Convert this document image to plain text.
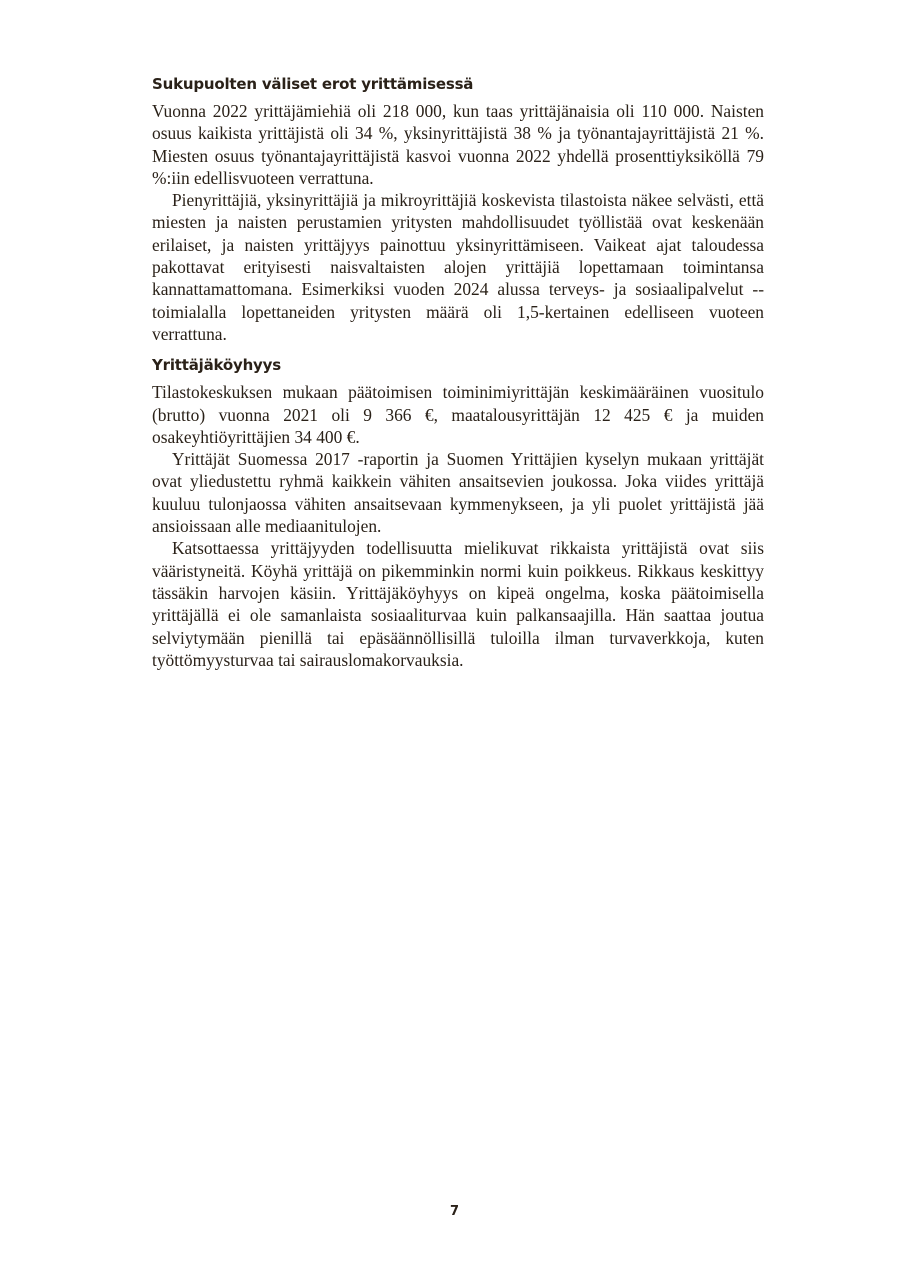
Sukupuolten väliset erot yrittämisessä

Vuonna 2022 yrittäjämiehiä oli 218 000, kun taas yrittäjänaisia oli 110 000. Naisten osuus kaikista yrittäjistä oli 34 %, yksinyrittäjistä 38 % ja työnantajayrittäjistä 21 %. Miesten osuus työnantajayrittäjistä kasvoi vuonna 2022 yhdellä prosenttiyksiköllä 79 %:iin edellisvuoteen verrattuna.

Pienyrittäjiä, yksinyrittäjiä ja mikroyrittäjiä koskevista tilastoista näkee selvästi, että miesten ja naisten perustamien yritysten mahdollisuudet työllistää ovat keskenään erilaiset, ja naisten yrittäjyys painottuu yksinyrittämiseen. Vaikeat ajat taloudessa pakottavat erityisesti naisvaltaisten alojen yrittäjiä lopettamaan toimintansa kannattamattomana. Esimerkiksi vuoden 2024 alussa terveys- ja sosiaalipalvelut --toimialalla lopettaneiden yritysten määrä oli 1,5-kertainen edelliseen vuoteen verrattuna.

Yrittäjäköyhyys

Tilastokeskuksen mukaan päätoimisen toiminimiyrittäjän keskimääräinen vuositulo (brutto) vuonna 2021 oli 9 366 €, maatalousyrittäjän 12 425 € ja muiden osakeyhtiöyrittäjien 34 400 €.

Yrittäjät Suomessa 2017 -raportin ja Suomen Yrittäjien kyselyn mukaan yrittäjät ovat yliedustettu ryhmä kaikkein vähiten ansaitsevien joukossa. Joka viides yrittäjä kuuluu tulonjaossa vähiten ansaitsevaan kymmenykseen, ja yli puolet yrittäjistä jää ansioissaan alle mediaanitulojen.

Katsottaessa yrittäjyyden todellisuutta mielikuvat rikkaista yrittäjistä ovat siis vääristyneitä. Köyhä yrittäjä on pikemminkin normi kuin poikkeus. Rikkaus keskittyy tässäkin harvojen käsiin. Yrittäjäköyhyys on kipeä ongelma, koska päätoimisella yrittäjällä ei ole samanlaista sosiaaliturvaa kuin palkansaajilla. Hän saattaa joutua selviytymään pienillä tai epäsäännöllisillä tuloilla ilman turvaverkkoja, kuten työttömyysturvaa tai sairauslomakorvauksia.

7
